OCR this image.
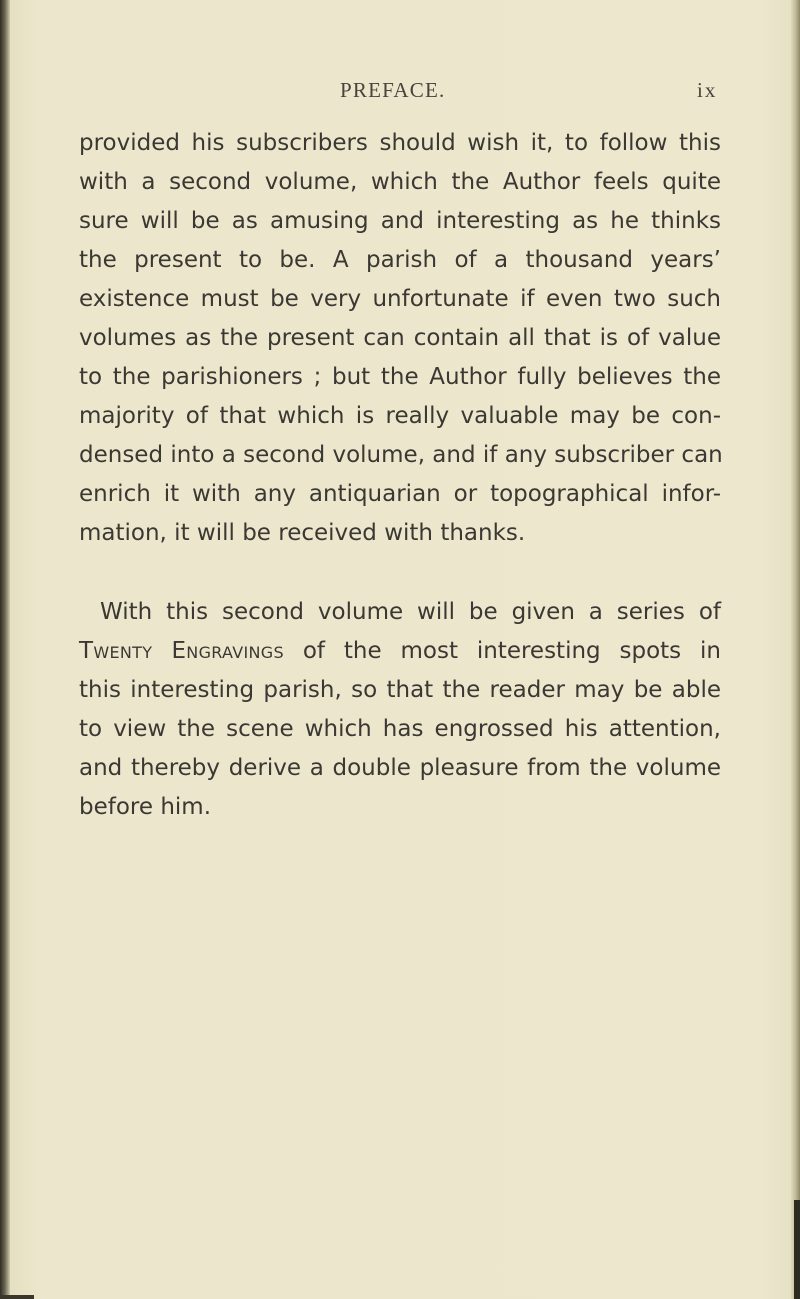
PREFACE.	ix
provided his subscribers should wish it, to follow this
with a second volume, which the Author feels quite
sure will be as amusing and interesting as he thinks
the present to be. A parish of a thousand years’
existence must be very unfortunate if even two such
volumes as the present can contain all that is of value
to the parishioners ; but the Author fully believes the
majority of that which is really valuable may be con-
densed into a second volume, and if any subscriber can
enrich it with any antiquarian or topographical infor-
mation, it will be received with thanks.
With this second volume will be given a series of
Twenty Engravings of the most interesting spots in
this interesting parish, so that the reader may be able
to view the scene which has engrossed his attention,
and thereby derive a double pleasure from the volume
before him.
